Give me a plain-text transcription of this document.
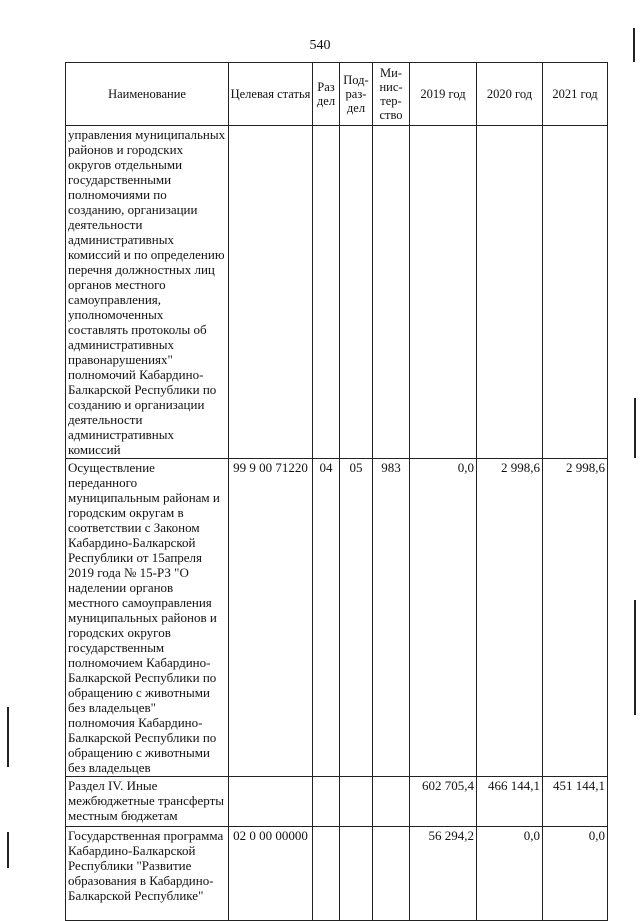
540
Наименование	Целевая статья	Раз дел	Под- раз- дел	Ми- нис- тер- ство	2019 год	2020 год	2021 год
управления муниципальных районов и городских округов отдельными государственными полномочиями по созданию, организации деятельности административных комиссий и по определению перечня должностных лиц органов местного самоуправления, уполномоченных составлять протоколы об административных правонарушениях" полномочий Кабардино-Балкарской Республики по созданию и организации деятельности административных комиссий							
Осуществление переданного муниципальным районам и городским округам в соответствии с Законом Кабардино-Балкарской Республики от 15апреля 2019 года № 15-РЗ "О наделении органов местного самоуправления муниципальных районов и городских округов государственным полномочием Кабардино-Балкарской Республики по обращению с животными без владельцев" полномочия Кабардино-Балкарской Республики по обращению с животными без владельцев	99 9 00 71220	04	05	983	0,0	2 998,6	2 998,6
Раздел IV. Иные межбюджетные трансферты местным бюджетам					602 705,4	466 144,1	451 144,1
Государственная программа Кабардино-Балкарской Республики "Развитие образования в Кабардино-Балкарской Республике"	02 0 00 00000				56 294,2	0,0	0,0
